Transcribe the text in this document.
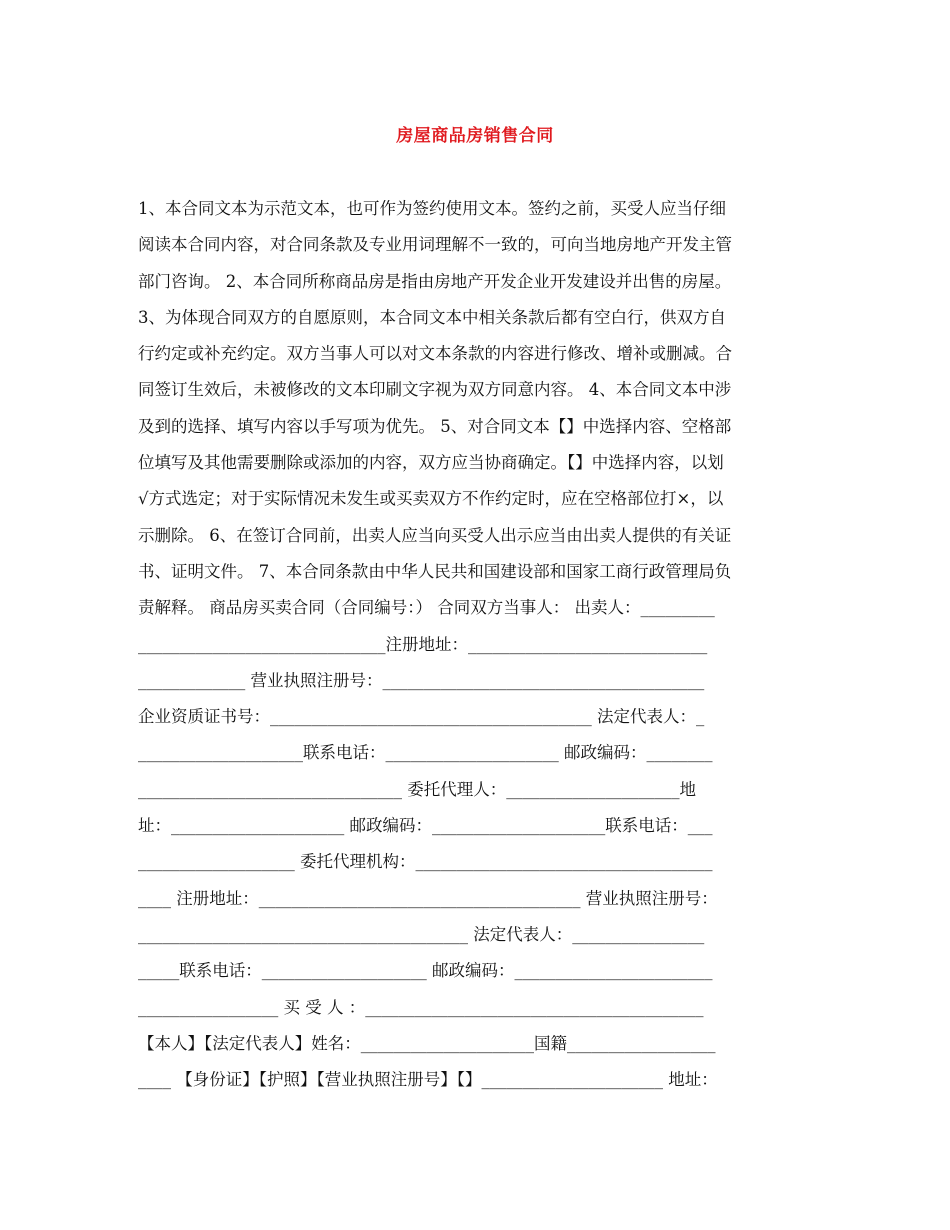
房屋商品房销售合同
1、本合同文本为示范文本，也可作为签约使用文本。签约之前，买受人应当仔细
阅读本合同内容，对合同条款及专业用词理解不一致的，可向当地房地产开发主管
部门咨询。 2、本合同所称商品房是指由房地产开发企业开发建设并出售的房屋。
3、为体现合同双方的自愿原则，本合同文本中相关条款后都有空白行，供双方自
行约定或补充约定。双方当事人可以对文本条款的内容进行修改、增补或删减。合
同签订生效后，未被修改的文本印刷文字视为双方同意内容。 4、本合同文本中涉
及到的选择、填写内容以手写项为优先。 5、对合同文本【】中选择内容、空格部
位填写及其他需要删除或添加的内容，双方应当协商确定。【】中选择内容，以划
√方式选定；对于实际情况未发生或买卖双方不作约定时，应在空格部位打×，以
示删除。 6、在签订合同前，出卖人应当向买受人出示应当由出卖人提供的有关证
书、证明文件。 7、本合同条款由中华人民共和国建设部和国家工商行政管理局负
责解释。 商品房买卖合同（合同编号：） 合同双方当事人： 出卖人：_________
______________________________注册地址：_____________________________
_____________ 营业执照注册号：_______________________________________
企业资质证书号：_______________________________________ 法定代表人：_
____________________联系电话：_____________________ 邮政编码：________
________________________________ 委托代理人：_____________________地
址：_____________________ 邮政编码：_____________________联系电话：___
___________________ 委托代理机构：____________________________________
____ 注册地址：_______________________________________ 营业执照注册号：
________________________________________ 法定代表人：________________
_____联系电话：____________________ 邮政编码：________________________
_________________ 买 受 人 ：_________________________________________
【本人】【法定代表人】姓名：_____________________国籍__________________
____ 【身份证】【护照】【营业执照注册号】【】______________________ 地址：
